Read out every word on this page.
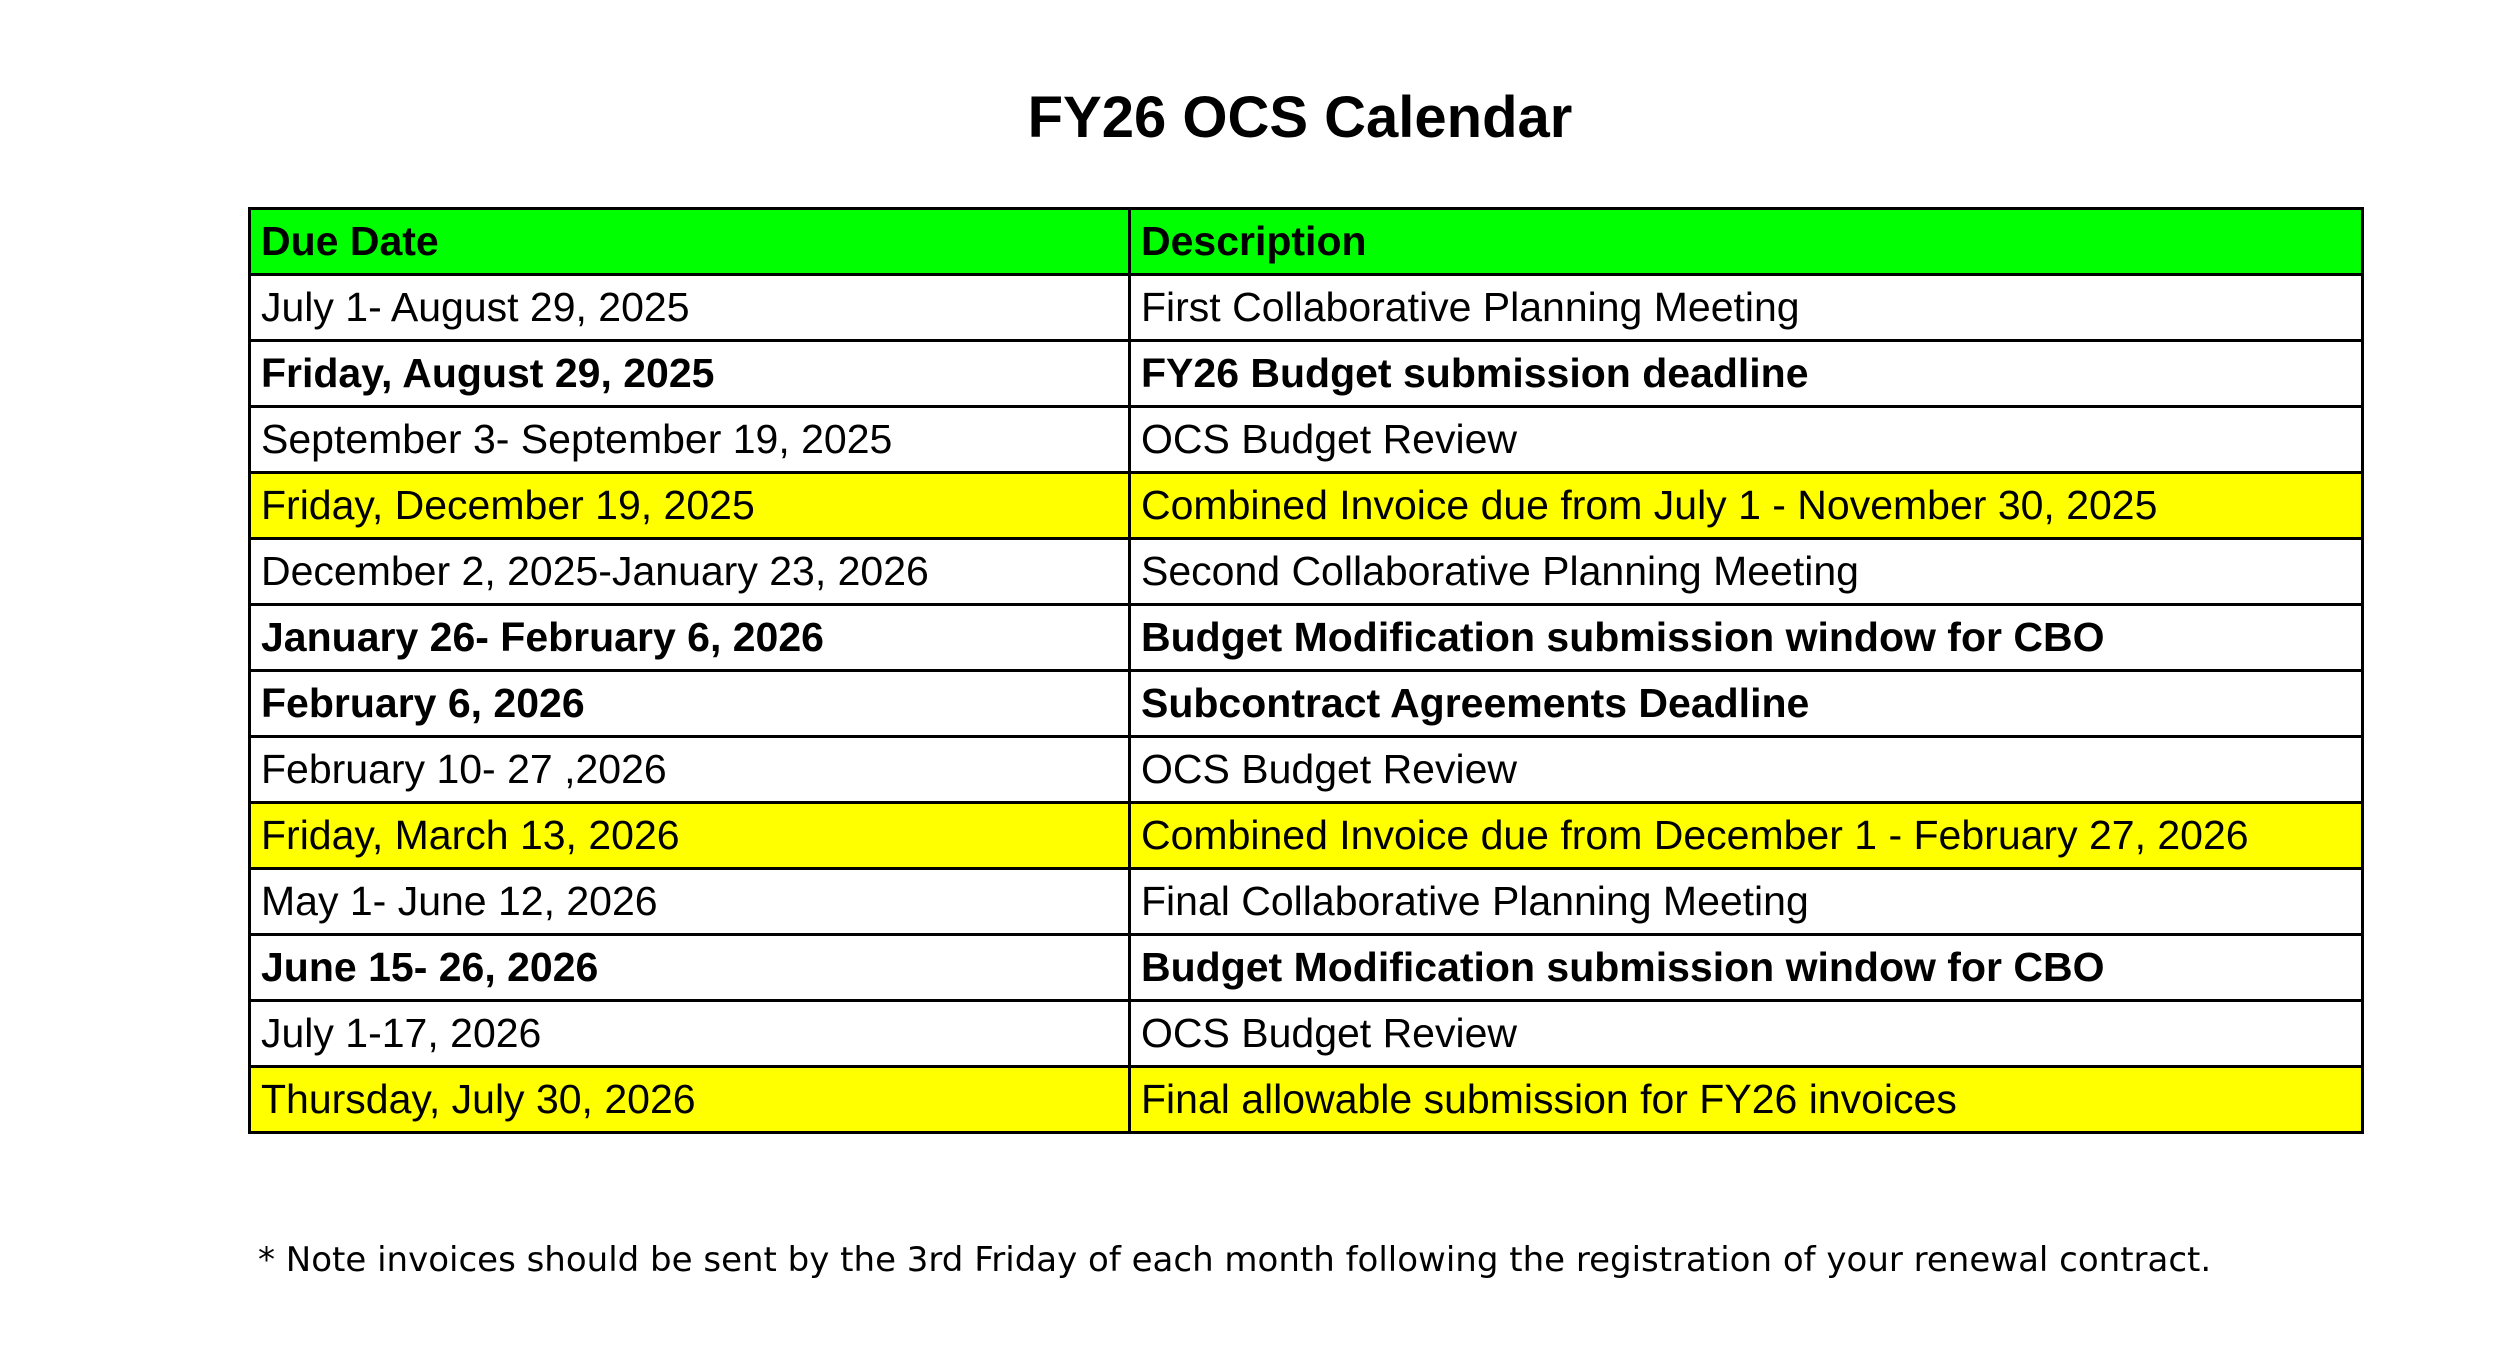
FY26 OCS Calendar
Due Date	Description
July 1- August 29, 2025	First Collaborative Planning Meeting
Friday, August 29, 2025	FY26 Budget submission deadline
September 3- September 19, 2025	OCS Budget Review
Friday, December 19, 2025	Combined Invoice due from July 1 - November 30, 2025
December 2, 2025-January 23, 2026	Second Collaborative Planning Meeting
January 26- February 6, 2026	Budget Modification submission window for CBO
February 6, 2026	Subcontract Agreements Deadline
February 10- 27 ,2026	OCS Budget Review
Friday, March 13, 2026	Combined Invoice due from December 1 - February 27, 2026
May 1- June 12, 2026	Final Collaborative Planning Meeting
June 15- 26, 2026	Budget Modification submission window for CBO
July 1-17, 2026	OCS Budget Review
Thursday, July 30, 2026	Final allowable submission for FY26 invoices
* Note invoices should be sent by the 3rd Friday of each month following the registration of your renewal contract.
